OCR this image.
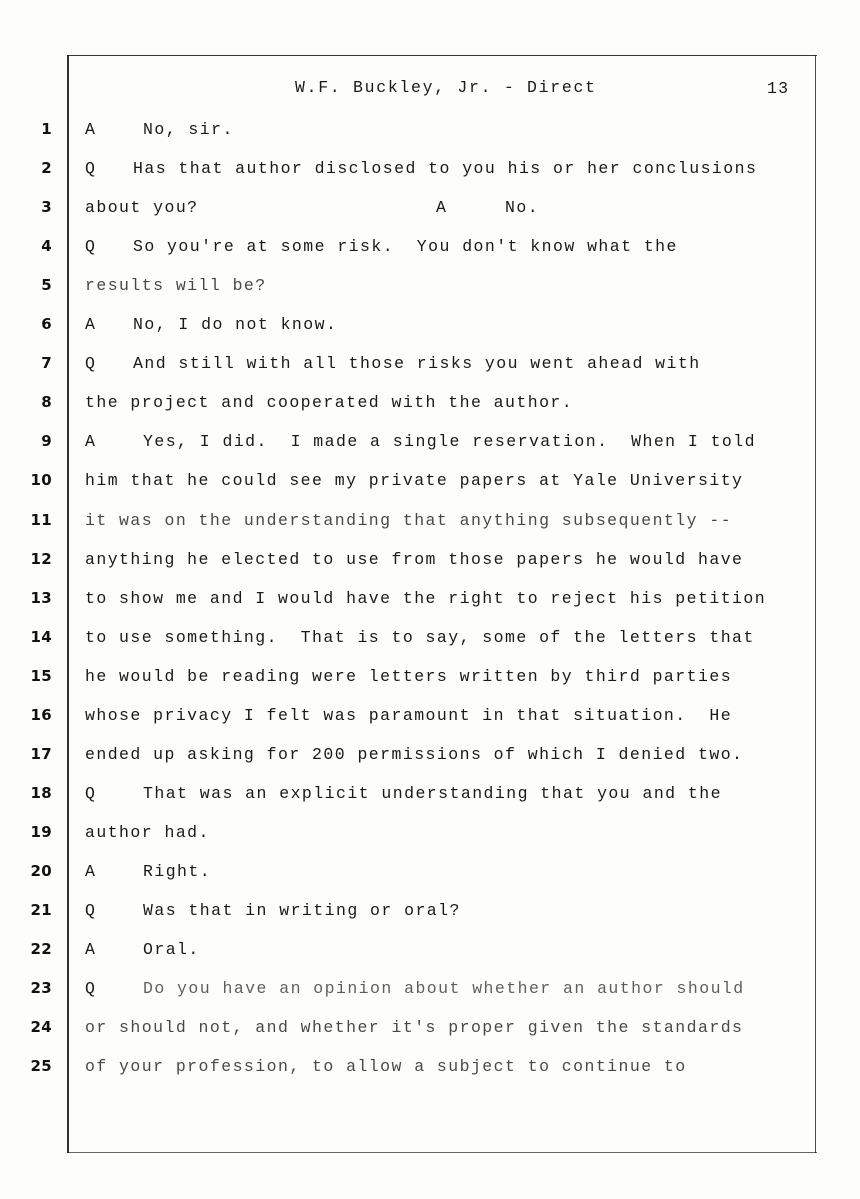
W.F. Buckley, Jr. - Direct	13
1 A	No, sir.
2 Q Has that author disclosed to you his or her conclusions
3 about you?	A	No.
4 Q So you're at some risk.  You don't know what the
5 results will be?
6 A No, I do not know.
7 Q And still with all those risks you went ahead with
8 the project and cooperated with the author.
9 A	Yes, I did.  I made a single reservation.  When I told
10 him that he could see my private papers at Yale University
11 it was on the understanding that anything subsequently --
12 anything he elected to use from those papers he would have
13 to show me and I would have the right to reject his petition
14 to use something.  That is to say, some of the letters that
15 he would be reading were letters written by third parties
16 whose privacy I felt was paramount in that situation.  He
17 ended up asking for 200 permissions of which I denied two.
18 Q	That was an explicit understanding that you and the
19 author had.
20 A	Right.
21 Q	Was that in writing or oral?
22 A	Oral.
23 Q	Do you have an opinion about whether an author should
24 or should not, and whether it's proper given the standards
25 of your profession, to allow a subject to continue to
